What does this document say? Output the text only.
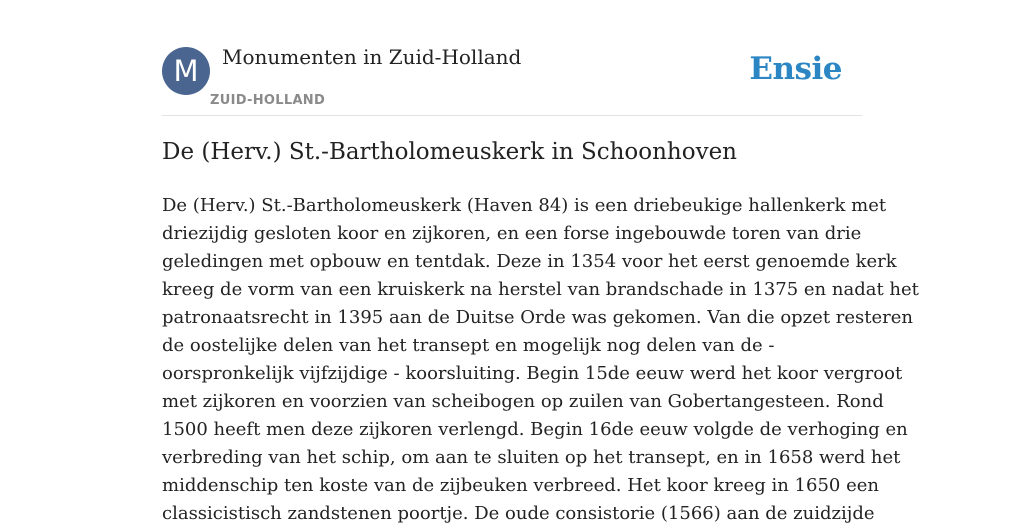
M	Monumenten in Zuid-Holland
ZUID-HOLLAND
Ensie
De (Herv.) St.-Bartholomeuskerk in Schoonhoven
De (Herv.) St.-Bartholomeuskerk (Haven 84) is een driebeukige hallenkerk met
driezijdig gesloten koor en zijkoren, en een forse ingebouwde toren van drie
geledingen met opbouw en tentdak. Deze in 1354 voor het eerst genoemde kerk
kreeg de vorm van een kruiskerk na herstel van brandschade in 1375 en nadat het
patronaatsrecht in 1395 aan de Duitse Orde was gekomen. Van die opzet resteren
de oostelijke delen van het transept en mogelijk nog delen van de -
oorspronkelijk vijfzijdige - koorsluiting. Begin 15de eeuw werd het koor vergroot
met zijkoren en voorzien van scheibogen op zuilen van Gobertangesteen. Rond
1500 heeft men deze zijkoren verlengd. Begin 16de eeuw volgde de verhoging en
verbreding van het schip, om aan te sluiten op het transept, en in 1658 werd het
middenschip ten koste van de zijbeuken verbreed. Het koor kreeg in 1650 een
classicistisch zandstenen poortje. De oude consistorie (1566) aan de zuidzijde
